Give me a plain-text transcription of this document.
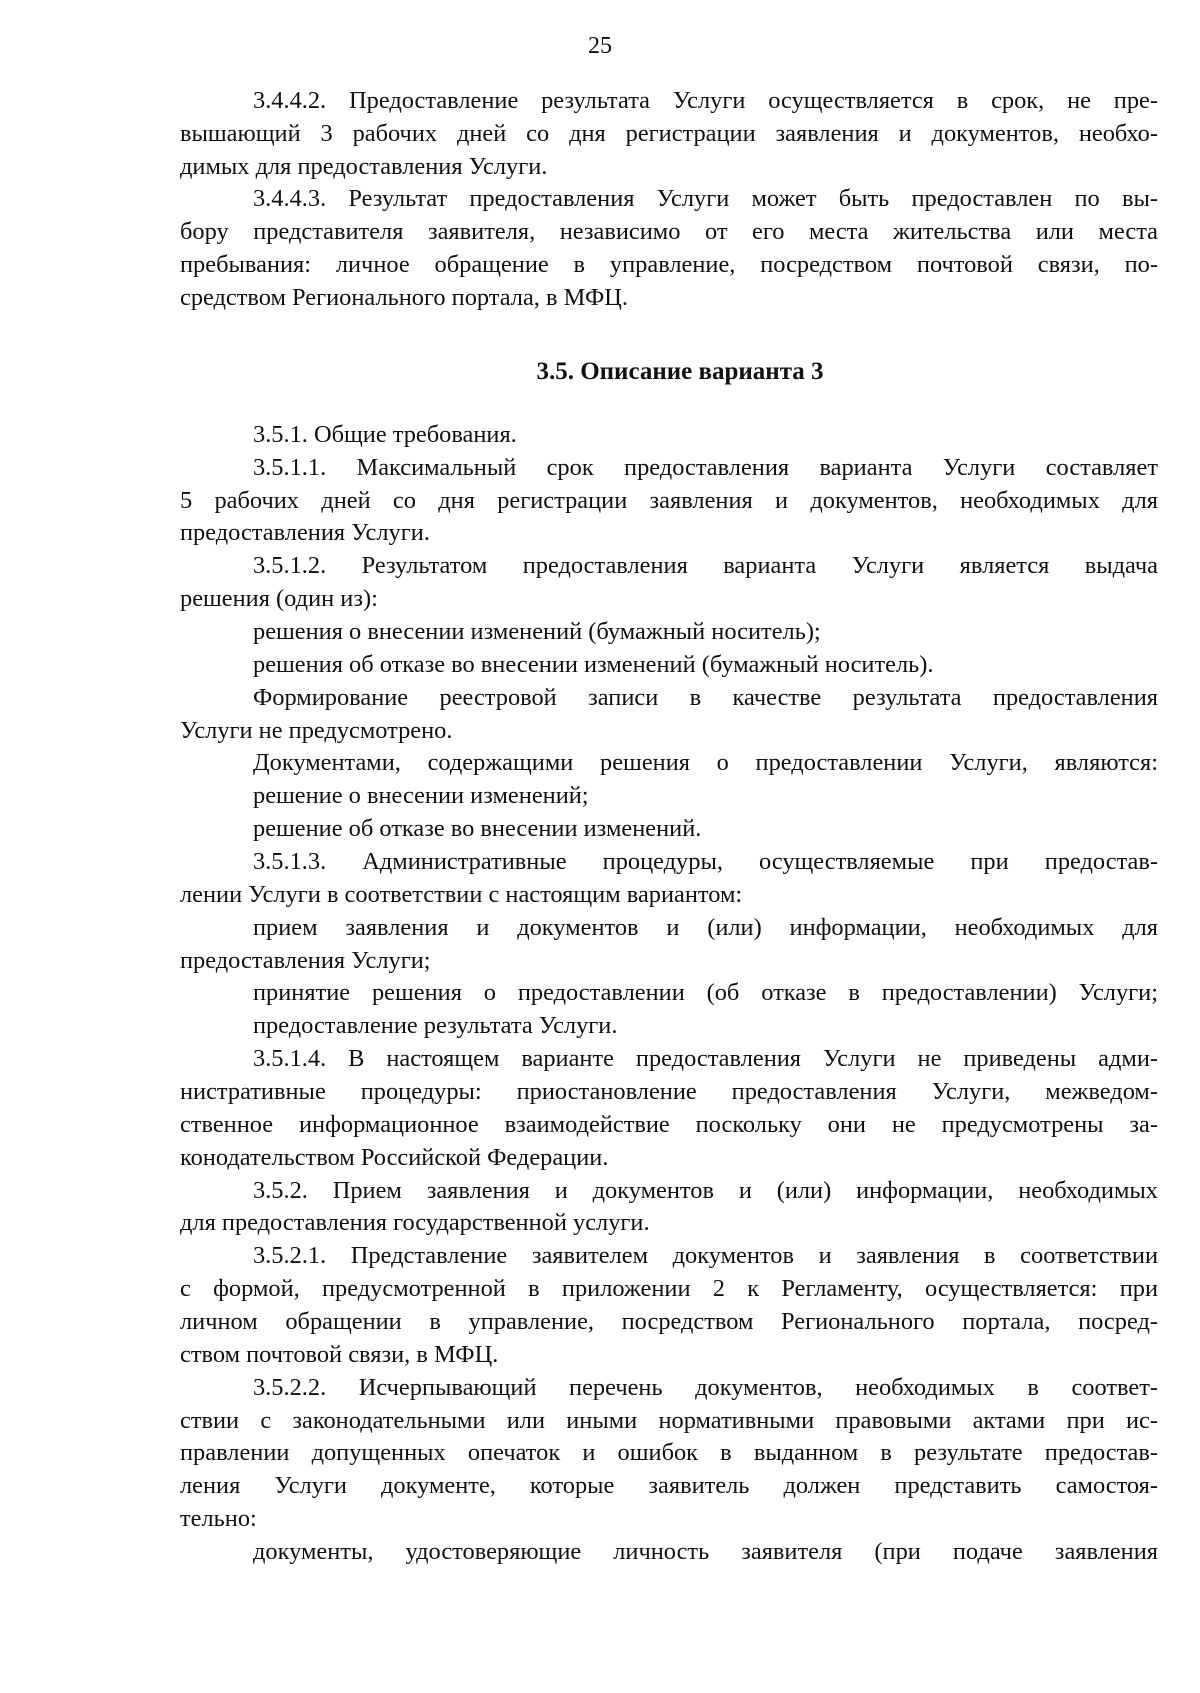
25
3.4.4.2. Предоставление результата Услуги осуществляется в срок, не пре-
вышающий 3 рабочих дней со дня регистрации заявления и документов, необхо-
димых для предоставления Услуги.
3.4.4.3. Результат предоставления Услуги может быть предоставлен по вы-
бору представителя заявителя, независимо от его места жительства или места
пребывания: личное обращение в управление, посредством почтовой связи, по-
средством Регионального портала, в МФЦ.
3.5. Описание варианта 3
3.5.1. Общие требования.
3.5.1.1. Максимальный срок предоставления варианта Услуги составляет
5 рабочих дней со дня регистрации заявления и документов, необходимых для
предоставления Услуги.
3.5.1.2. Результатом предоставления варианта Услуги является выдача
решения (один из):
решения о внесении изменений (бумажный носитель);
решения об отказе во внесении изменений (бумажный носитель).
Формирование реестровой записи в качестве результата предоставления
Услуги не предусмотрено.
Документами, содержащими решения о предоставлении Услуги, являются:
решение о внесении изменений;
решение об отказе во внесении изменений.
3.5.1.3. Административные процедуры, осуществляемые при предостав-
лении Услуги в соответствии с настоящим вариантом:
прием заявления и документов и (или) информации, необходимых для
предоставления Услуги;
принятие решения о предоставлении (об отказе в предоставлении) Услуги;
предоставление результата Услуги.
3.5.1.4. В настоящем варианте предоставления Услуги не приведены адми-
нистративные процедуры: приостановление предоставления Услуги, межведом-
ственное информационное взаимодействие поскольку они не предусмотрены за-
конодательством Российской Федерации.
3.5.2. Прием заявления и документов и (или) информации, необходимых
для предоставления государственной услуги.
3.5.2.1. Представление заявителем документов и заявления в соответствии
с формой, предусмотренной в приложении 2 к Регламенту, осуществляется: при
личном обращении в управление, посредством Регионального портала, посред-
ством почтовой связи, в МФЦ.
3.5.2.2. Исчерпывающий перечень документов, необходимых в соответ-
ствии с законодательными или иными нормативными правовыми актами при ис-
правлении допущенных опечаток и ошибок в выданном в результате предостав-
ления Услуги документе, которые заявитель должен представить самостоя-
тельно:
документы, удостоверяющие личность заявителя (при подаче заявления
